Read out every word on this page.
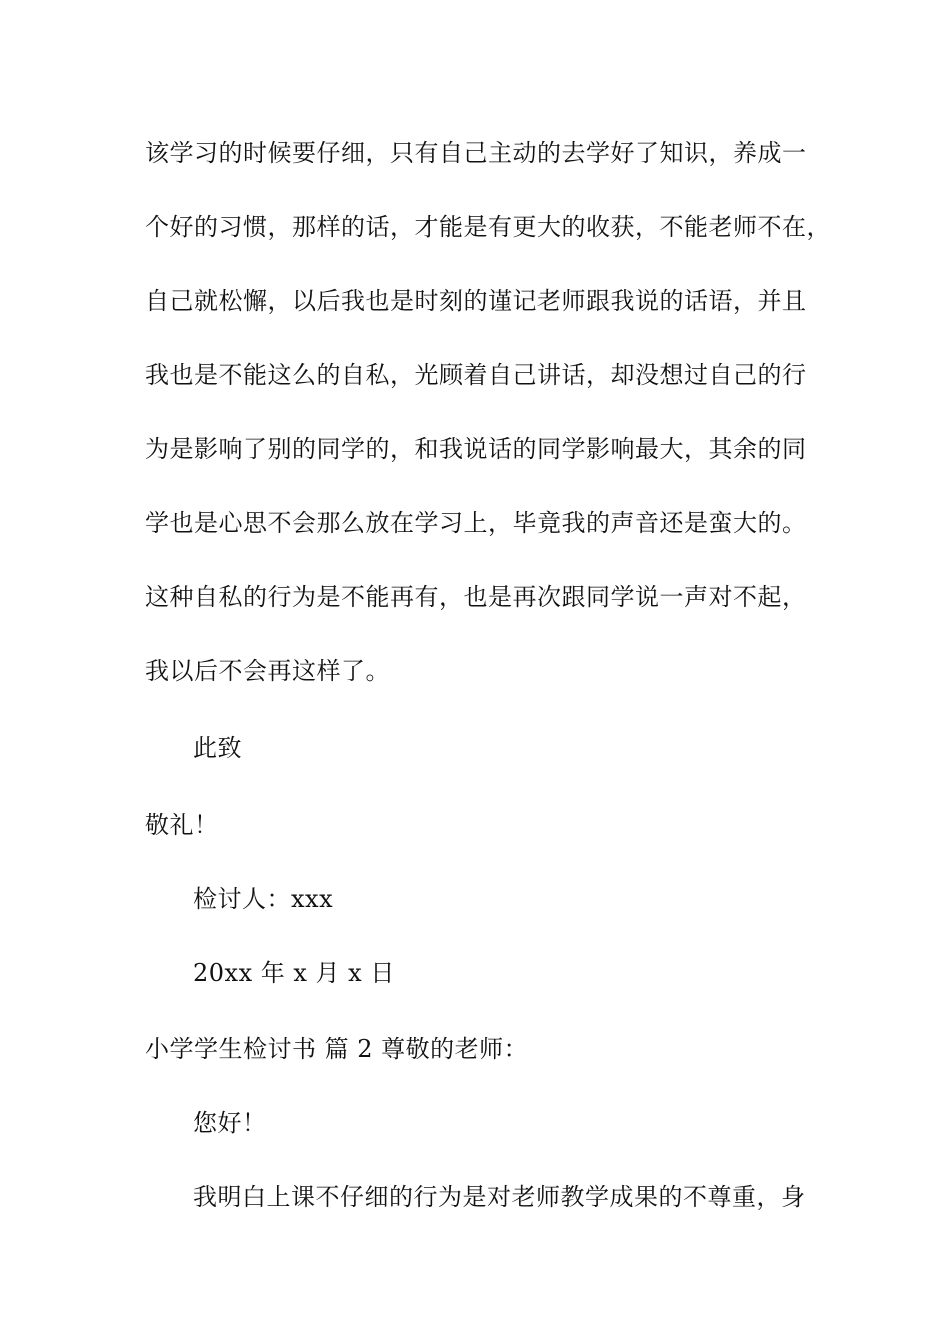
该学习的时候要仔细，只有自己主动的去学好了知识，养成一
个好的习惯，那样的话，才能是有更大的收获，不能老师不在，
自己就松懈，以后我也是时刻的谨记老师跟我说的话语，并且
我也是不能这么的自私，光顾着自己讲话，却没想过自己的行
为是影响了别的同学的，和我说话的同学影响最大，其余的同
学也是心思不会那么放在学习上，毕竟我的声音还是蛮大的。
这种自私的行为是不能再有，也是再次跟同学说一声对不起，
我以后不会再这样了。
此致
敬礼！
检讨人：xxx
20xx 年 x 月 x 日
小学学生检讨书 篇 2 尊敬的老师：
您好！
我明白上课不仔细的行为是对老师教学成果的不尊重，身
